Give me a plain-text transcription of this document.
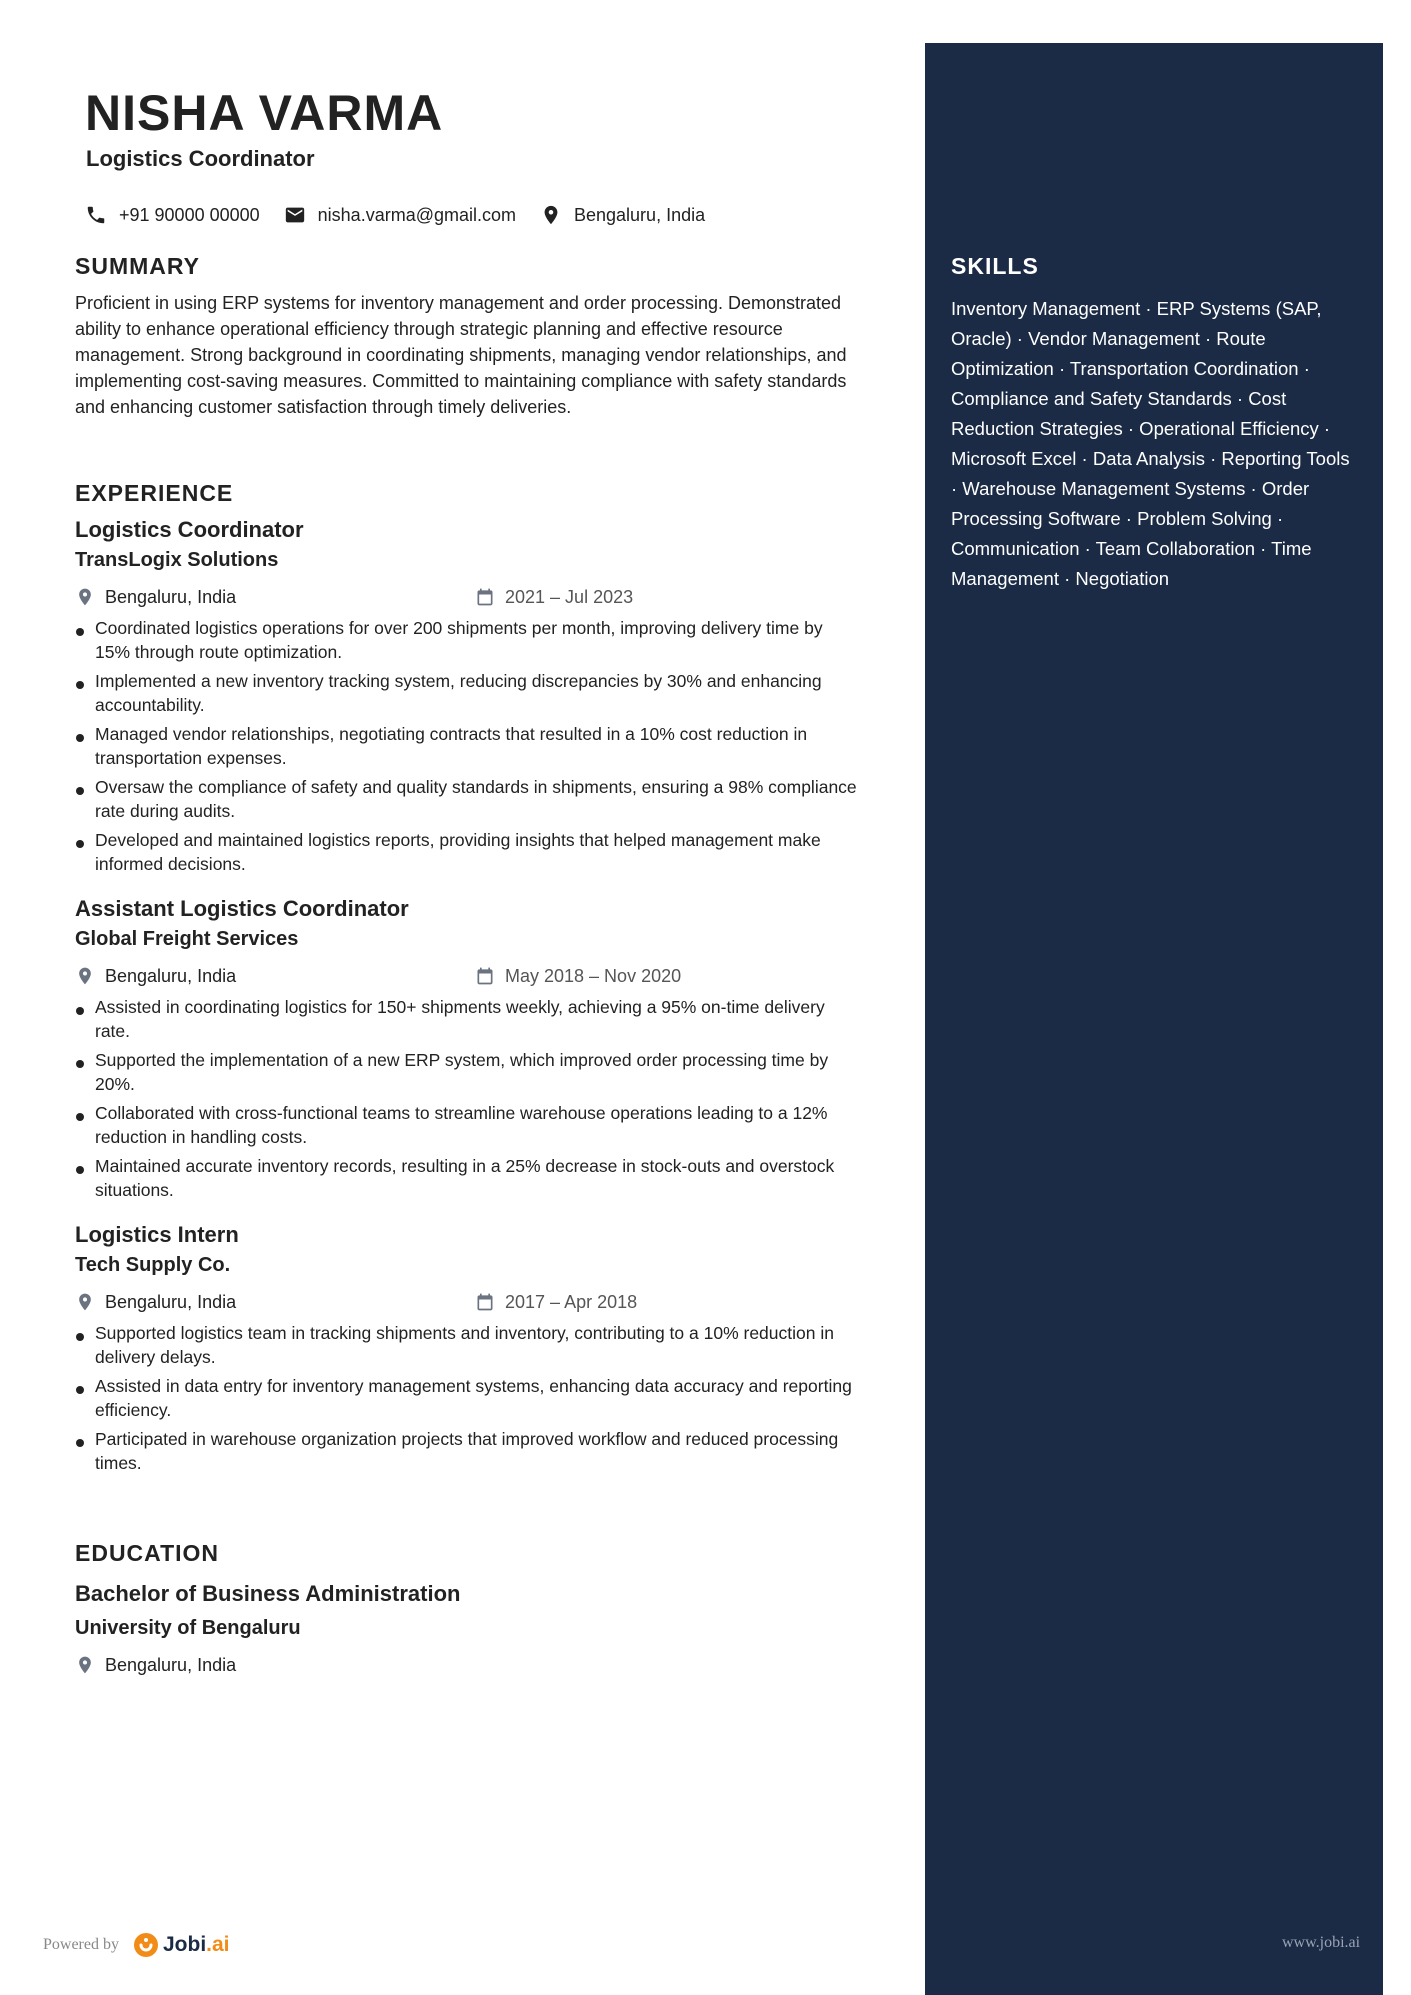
SKILLS
Inventory Management · ERP Systems (SAP, Oracle) · Vendor Management · Route Optimization · Transportation Coordination · Compliance and Safety Standards · Cost Reduction Strategies · Operational Efficiency · Microsoft Excel · Data Analysis · Reporting Tools · Warehouse Management Systems · Order Processing Software · Problem Solving · Communication · Team Collaboration · Time Management · Negotiation
NISHA VARMA
Logistics Coordinator
+91 90000 00000	nisha.varma@gmail.com	Bengaluru, India
SUMMARY

Proficient in using ERP systems for inventory management and order processing. Demonstrated ability to enhance operational efficiency through strategic planning and effective resource management. Strong background in coordinating shipments, managing vendor relationships, and implementing cost-saving measures. Committed to maintaining compliance with safety standards and enhancing customer satisfaction through timely deliveries.

EXPERIENCE
Logistics Coordinator
TransLogix Solutions
Bengaluru, India	2021 – Jul 2023
Coordinated logistics operations for over 200 shipments per month, improving delivery time by 15% through route optimization.
Implemented a new inventory tracking system, reducing discrepancies by 30% and enhancing accountability.
Managed vendor relationships, negotiating contracts that resulted in a 10% cost reduction in transportation expenses.
Oversaw the compliance of safety and quality standards in shipments, ensuring a 98% compliance rate during audits.
Developed and maintained logistics reports, providing insights that helped management make informed decisions.
Assistant Logistics Coordinator
Global Freight Services
Bengaluru, India	May 2018 – Nov 2020
Assisted in coordinating logistics for 150+ shipments weekly, achieving a 95% on-time delivery rate.
Supported the implementation of a new ERP system, which improved order processing time by 20%.
Collaborated with cross-functional teams to streamline warehouse operations leading to a 12% reduction in handling costs.
Maintained accurate inventory records, resulting in a 25% decrease in stock-outs and overstock situations.
Logistics Intern
Tech Supply Co.
Bengaluru, India	2017 – Apr 2018
Supported logistics team in tracking shipments and inventory, contributing to a 10% reduction in delivery delays.
Assisted in data entry for inventory management systems, enhancing data accuracy and reporting efficiency.
Participated in warehouse organization projects that improved workflow and reduced processing times.
EDUCATION
Bachelor of Business Administration
University of Bengaluru
Bengaluru, India
Powered by Jobi.ai	www.jobi.ai
